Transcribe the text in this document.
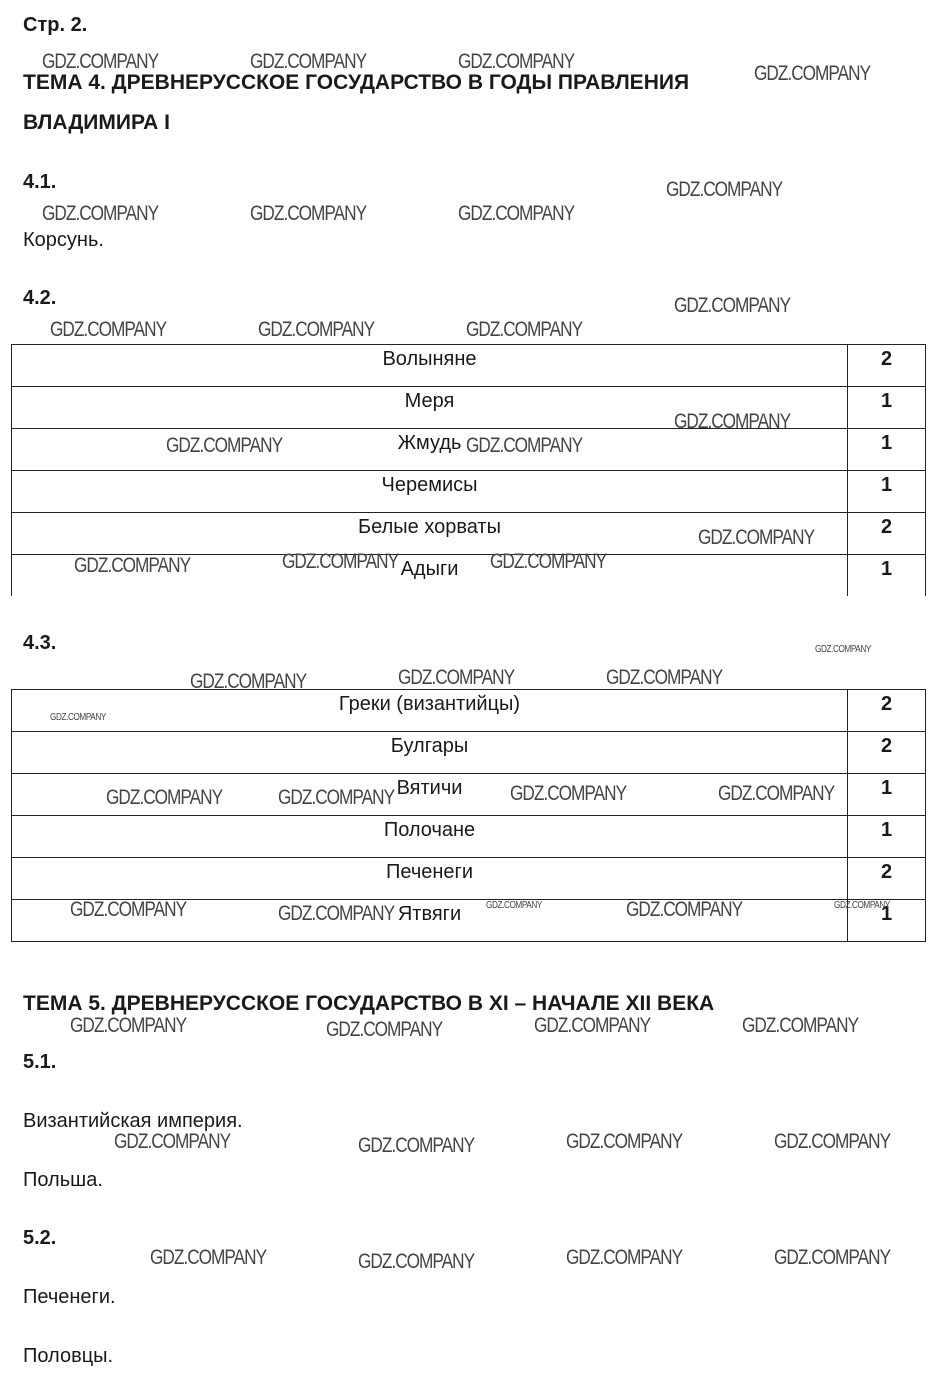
Стр. 2.
ТЕМА 4. ДРЕВНЕРУССКОЕ ГОСУДАРСТВО В ГОДЫ ПРАВЛЕНИЯ
ВЛАДИМИРА I
4.1.
Корсунь.
4.2.
Волыняне	2
Меря	1
Жмудь	1
Черемисы	1
Белые хорваты	2
Адыги	1
4.3.
Греки (византийцы)	2
Булгары	2
Вятичи	1
Полочане	1
Печенеги	2
Ятвяги	1
ТЕМА 5. ДРЕВНЕРУССКОЕ ГОСУДАРСТВО В XI – НАЧАЛЕ XII ВЕКА
5.1.
Византийская империя.
Польша.
5.2.
Печенеги.
Половцы.
GDZ.COMPANY	GDZ.COMPANY	GDZ.COMPANY
GDZ.COMPANY
GDZ.COMPANY
GDZ.COMPANY	GDZ.COMPANY	GDZ.COMPANY
GDZ.COMPANY
GDZ.COMPANY	GDZ.COMPANY	GDZ.COMPANY
GDZ.COMPANY
GDZ.COMPANY	GDZ.COMPANY
GDZ.COMPANY
GDZ.COMPANY	GDZ.COMPANY	GDZ.COMPANY
GDZ.COMPANY	GDZ.COMPANY	GDZ.COMPANY
GDZ.COMPANY	GDZ.COMPANY	GDZ.COMPANY	GDZ.COMPANY
GDZ.COMPANY	GDZ.COMPANY	GDZ.COMPANY
GDZ.COMPANY	GDZ.COMPANY	GDZ.COMPANY	GDZ.COMPANY
GDZ.COMPANY	GDZ.COMPANY	GDZ.COMPANY	GDZ.COMPANY
GDZ.COMPANY	GDZ.COMPANY	GDZ.COMPANY	GDZ.COMPANY
GDZ.COMPANY
GDZ.COMPANY
GDZ.COMPANY	GDZ.COMPANY
